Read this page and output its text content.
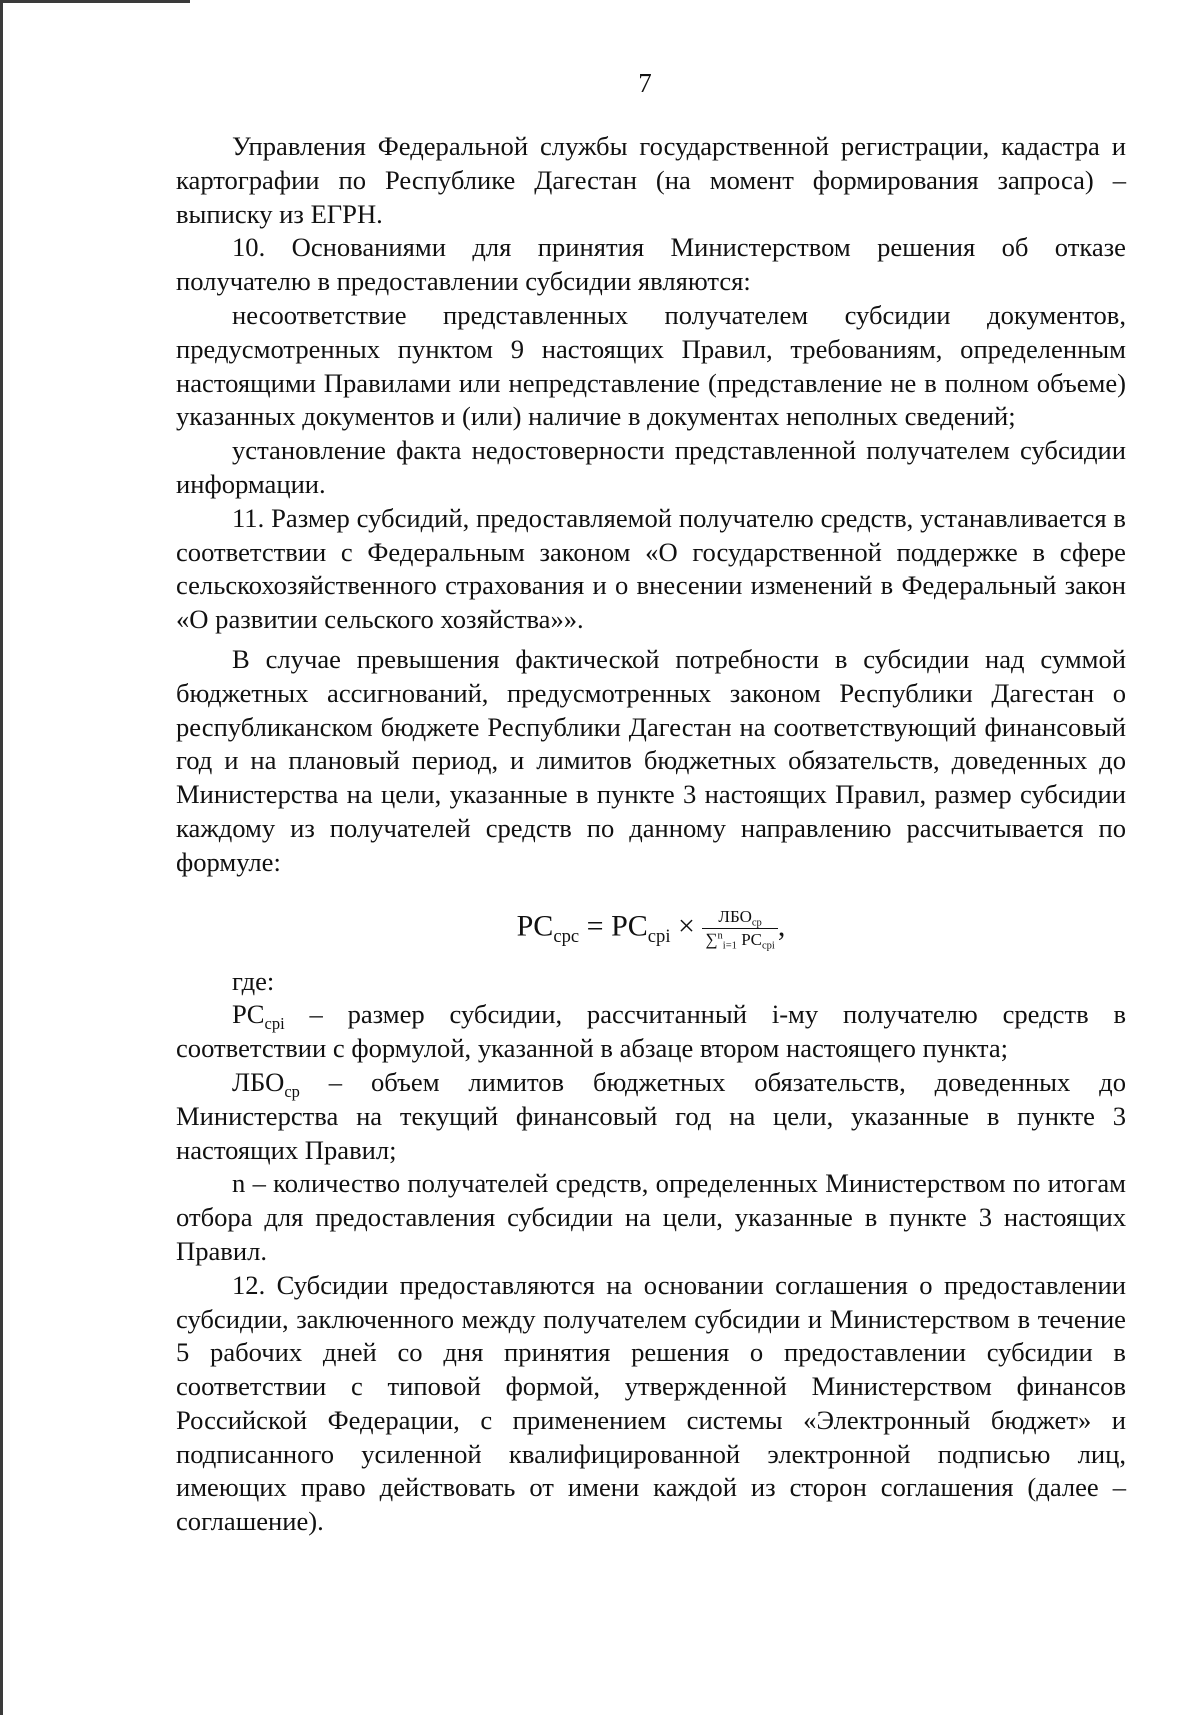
7

Управления Федеральной службы государственной регистрации, кадастра и картографии по Республике Дагестан (на момент формирования запроса) – выписку из ЕГРН.

10. Основаниями для принятия Министерством решения об отказе получателю в предоставлении субсидии являются:

несоответствие представленных получателем субсидии документов, предусмотренных пунктом 9 настоящих Правил, требованиям, определенным настоящими Правилами или непредставление (представление не в полном объеме) указанных документов и (или) наличие в документах неполных сведений;

установление факта недостоверности представленной получателем субсидии информации.

11. Размер субсидий, предоставляемой получателю средств, устанавливается в соответствии с Федеральным законом «О государственной поддержке в сфере сельскохозяйственного страхования и о внесении изменений в Федеральный закон «О развитии сельского хозяйства»».

В случае превышения фактической потребности в субсидии над суммой бюджетных ассигнований, предусмотренных законом Республики Дагестан о республиканском бюджете Республики Дагестан на соответствующий финансовый год и на плановый период, и лимитов бюджетных обязательств, доведенных до Министерства на цели, указанные в пункте 3 настоящих Правил, размер субсидии каждому из получателей средств по данному направлению рассчитывается по формуле:

$PC_{cpc} = PC_{cpi} \times \frac{ЛБО_{cp}}{\sum^n_{i=1} PC_{cpi}}$ ,

где:

$PC_{cpi}$ – размер субсидии, рассчитанный i-му получателю средств в соответствии с формулой, указанной в абзаце втором настоящего пункта;

$ЛБО_{cp}$ – объем лимитов бюджетных обязательств, доведенных до Министерства на текущий финансовый год на цели, указанные в пункте 3 настоящих Правил;

n – количество получателей средств, определенных Министерством по итогам отбора для предоставления субсидии на цели, указанные в пункте 3 настоящих Правил.

12. Субсидии предоставляются на основании соглашения о предоставлении субсидии, заключенного между получателем субсидии и Министерством в течение 5 рабочих дней со дня принятия решения о предоставлении субсидии в соответствии с типовой формой, утвержденной Министерством финансов Российской Федерации, с применением системы «Электронный бюджет» и подписанного усиленной квалифицированной электронной подписью лиц, имеющих право действовать от имени каждой из сторон соглашения (далее – соглашение).
